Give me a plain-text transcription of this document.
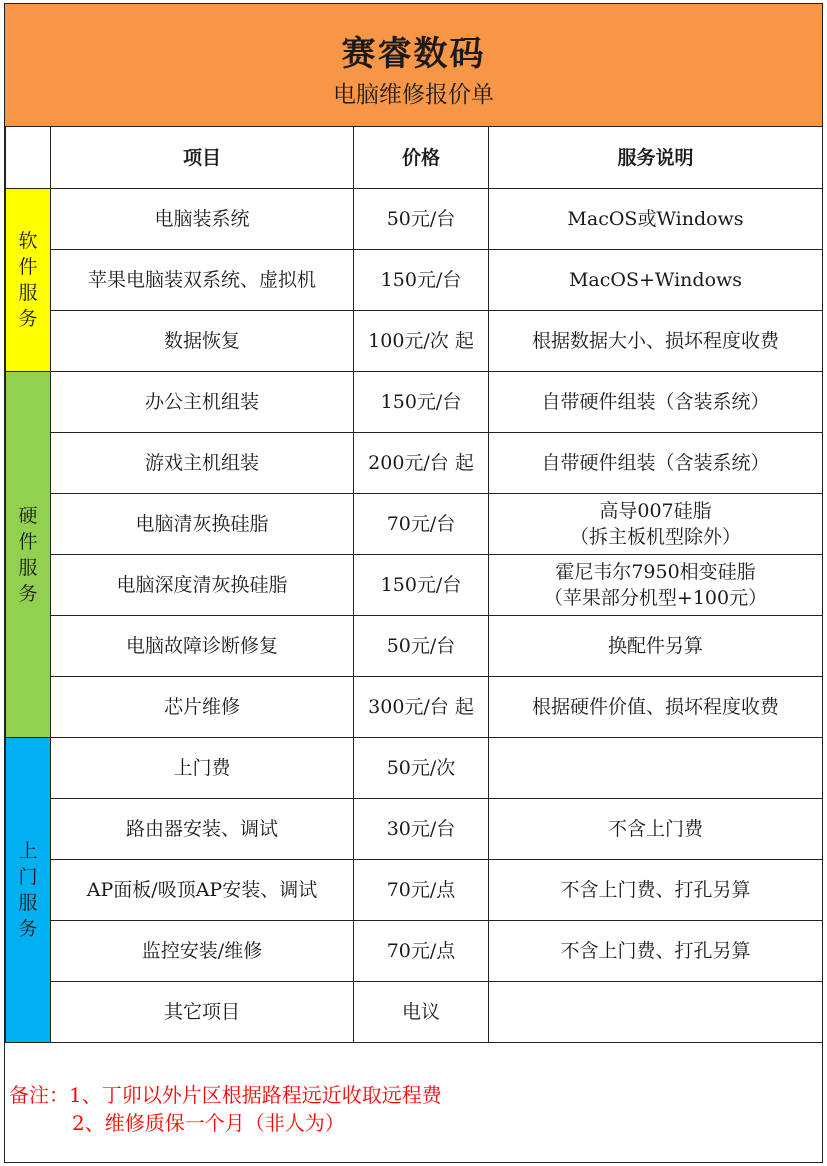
赛睿数码
电脑维修报价单
	项目	价格	服务说明
软件服务	电脑装系统	50元/台	MacOS或Windows
	苹果电脑装双系统、虚拟机	150元/台	MacOS+Windows
	数据恢复	100元/次 起	根据数据大小、损坏程度收费
硬件服务	办公主机组装	150元/台	自带硬件组装（含装系统）
	游戏主机组装	200元/台 起	自带硬件组装（含装系统）
	电脑清灰换硅脂	70元/台	高导007硅脂
（拆主板机型除外）

	电脑深度清灰换硅脂	150元/台	霍尼韦尔7950相变硅脂
（苹果部分机型+100元）

	电脑故障诊断修复	50元/台	换配件另算
	芯片维修	300元/台 起	根据硬件价值、损坏程度收费
上门服务	上门费	50元/次	
	路由器安装、调试	30元/台	不含上门费
	AP面板/吸顶AP安装、调试	70元/点	不含上门费、打孔另算
	监控安装/维修	70元/点	不含上门费、打孔另算
	其它项目	电议	
备注：1、丁卯以外片区根据路程远近收取远程费
2、维修质保一个月（非人为）
